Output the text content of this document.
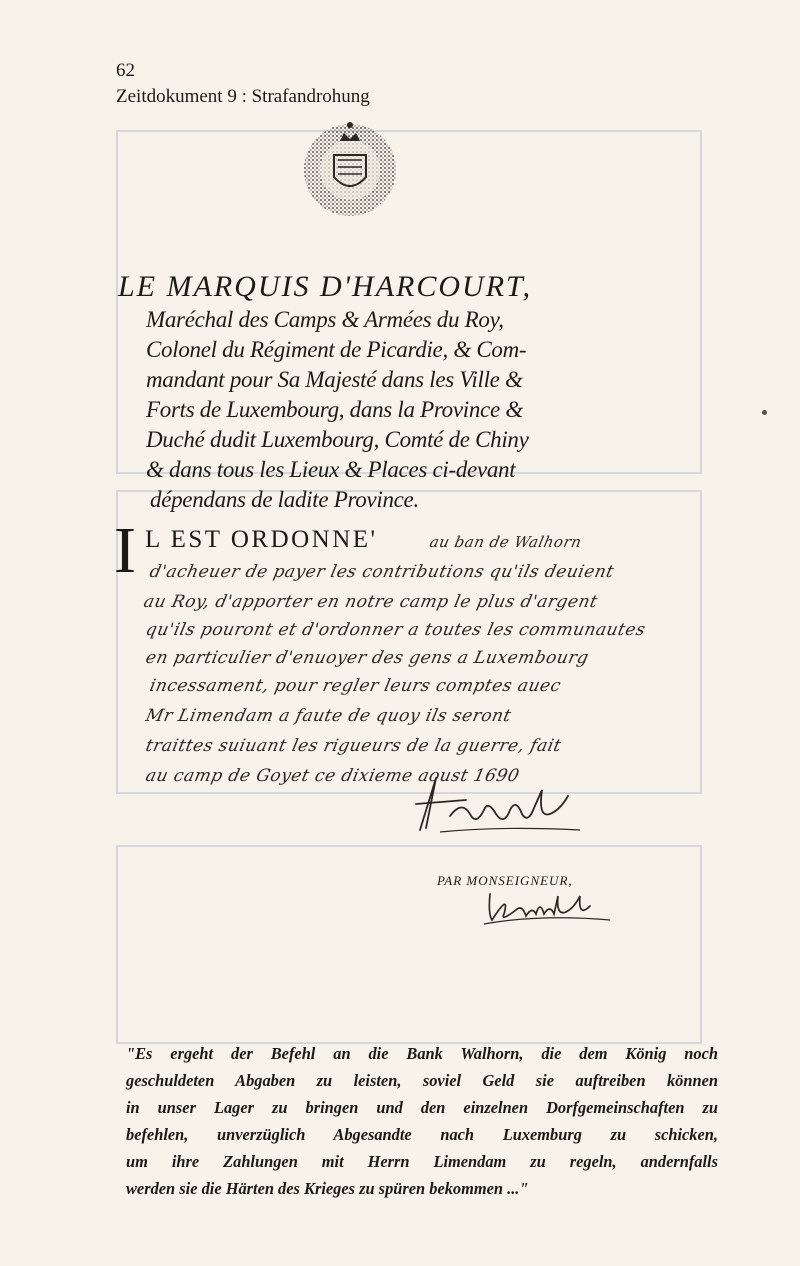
62
Zeitdokument 9 : Strafandrohung
LE MARQUIS D'HARCOURT,
Maréchal des Camps & Armées du Roy,
Colonel du Régiment de Picardie, & Com-
mandant pour Sa Majesté dans les Ville &
Forts de Luxembourg, dans la Province &
Duché dudit Luxembourg, Comté de Chiny
& dans tous les Lieux & Places ci-devant
dépendans de ladite Province.
I L EST ORDONNE'	au ban de Walhorn
d'acheuer de payer les contributions qu'ils deuient
au Roy, d'apporter en notre camp le plus d'argent
qu'ils pouront et d'ordonner a toutes les communautes
en particulier d'enuoyer des gens a Luxembourg
incessament, pour regler leurs comptes auec
Mr Limendam a faute de quoy ils seront
traittes suiuant les rigueurs de la guerre, fait
au camp de Goyet ce dixieme aoust 1690
PAR MONSEIGNEUR,
"Es ergeht der Befehl an die Bank Walhorn, die dem König noch
geschuldeten Abgaben zu leisten, soviel Geld sie auftreiben können
in unser Lager zu bringen und den einzelnen Dorfgemeinschaften zu
befehlen, unverzüglich Abgesandte nach Luxemburg zu schicken,
um ihre Zahlungen mit Herrn Limendam zu regeln, andernfalls
werden sie die Härten des Krieges zu spüren bekommen ..."
